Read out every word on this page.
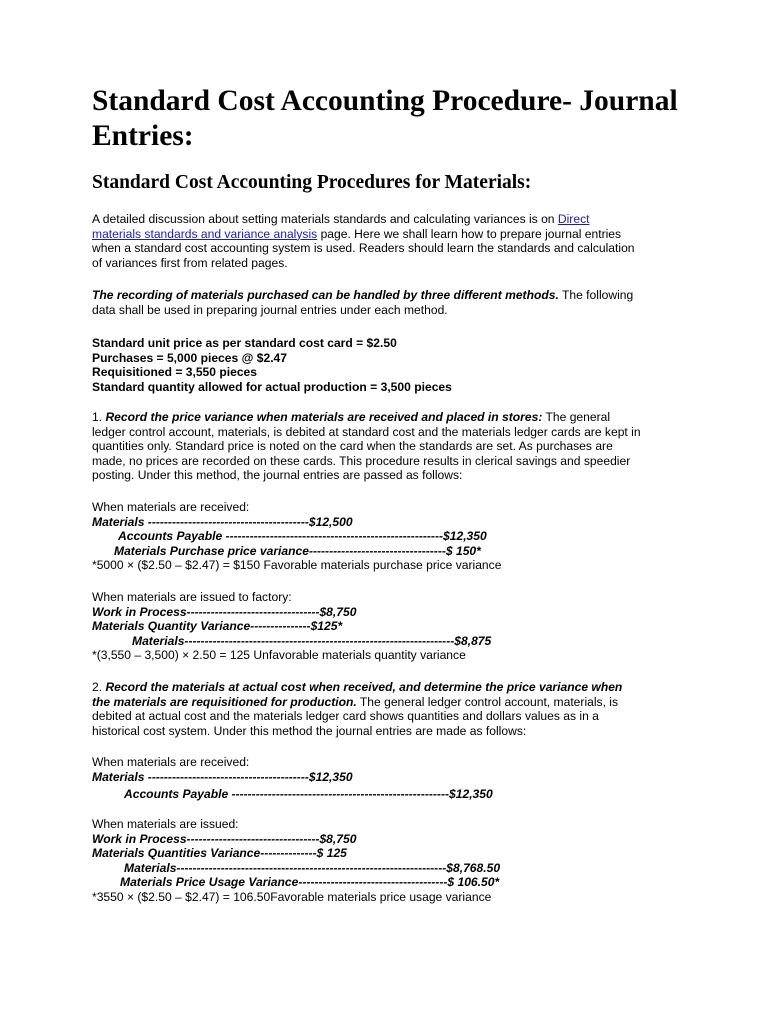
Standard Cost Accounting Procedure- Journal Entries:
Standard Cost Accounting Procedures for Materials:
A detailed discussion about setting materials standards and calculating variances is on Direct
materials standards and variance analysis page. Here we shall learn how to prepare journal entries
when a standard cost accounting system is used. Readers should learn the standards and calculation
of variances first from related pages.
The recording of materials purchased can be handled by three different methods. The following
data shall be used in preparing journal entries under each method.
Standard unit price as per standard cost card = $2.50
Purchases = 5,000 pieces @ $2.47
Requisitioned = 3,550 pieces
Standard quantity allowed for actual production = 3,500 pieces
1. Record the price variance when materials are received and placed in stores: The general
ledger control account, materials, is debited at standard cost and the materials ledger cards are kept in
quantities only. Standard price is noted on the card when the standards are set. As purchases are
made, no prices are recorded on these cards. This procedure results in clerical savings and speedier
posting. Under this method, the journal entries are passed as follows:
When materials are received:
Materials ----------------------------------------$12,500
Accounts Payable ------------------------------------------------------$12,350
Materials Purchase price variance----------------------------------$ 150*
*5000 × ($2.50 – $2.47) = $150 Favorable materials purchase price variance
When materials are issued to factory:
Work in Process---------------------------------$8,750
Materials Quantity Variance---------------$125*
Materials-------------------------------------------------------------------$8,875
*(3,550 – 3,500) × 2.50 = 125 Unfavorable materials quantity variance
2. Record the materials at actual cost when received, and determine the price variance when
the materials are requisitioned for production. The general ledger control account, materials, is
debited at actual cost and the materials ledger card shows quantities and dollars values as in a
historical cost system. Under this method the journal entries are made as follows:
When materials are received:
Materials ----------------------------------------$12,350
Accounts Payable ------------------------------------------------------$12,350
When materials are issued:
Work in Process---------------------------------$8,750
Materials Quantities Variance--------------$ 125
Materials-------------------------------------------------------------------$8,768.50
Materials Price Usage Variance-------------------------------------$ 106.50*
*3550 × ($2.50 – $2.47) = 106.50Favorable materials price usage variance
